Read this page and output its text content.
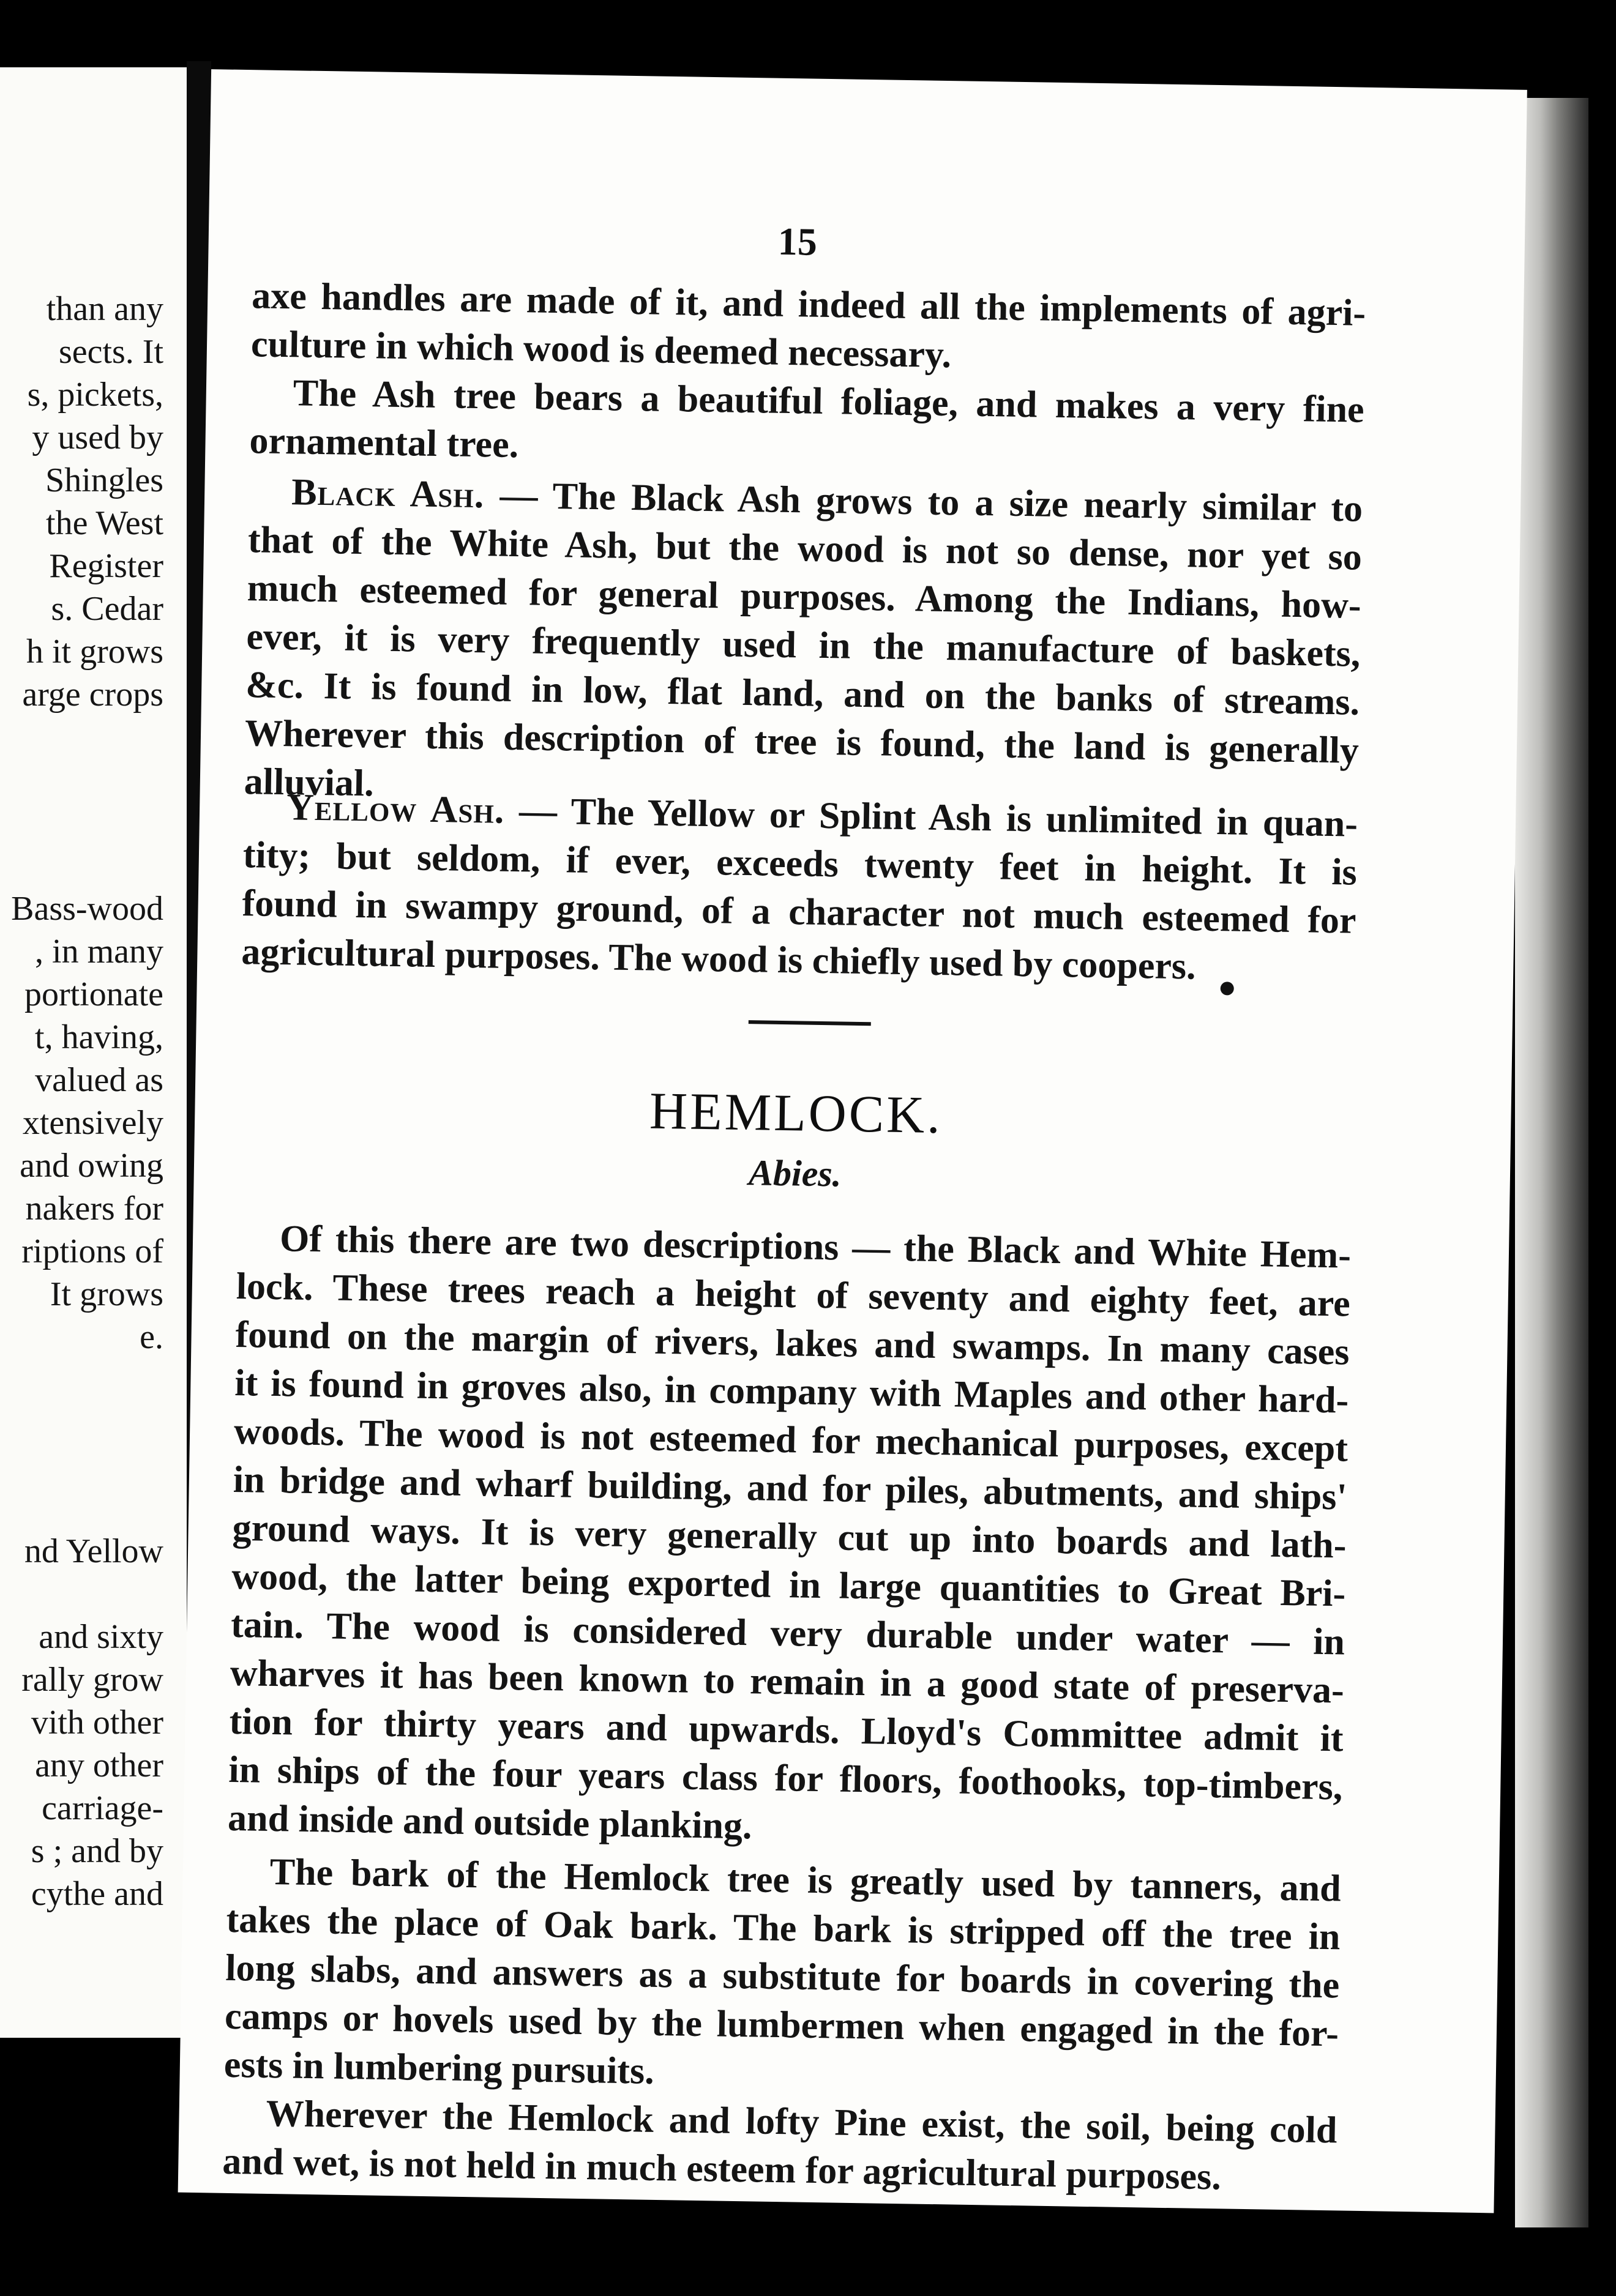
than any
sects. It
s, pickets,
y used by
Shingles
the West
Register
s. Cedar
h it grows
arge crops
Bass-wood
, in many
portionate
t, having,
valued as
xtensively
and owing
nakers for
riptions of
It grows
e.
nd Yellow
and sixty
rally grow
vith other
any other
carriage-
s ; and by
cythe and
15
axe handles are made of it, and indeed all the implements of agri-
culture in which wood is deemed necessary.
The Ash tree bears a beautiful foliage, and makes a very fine
ornamental tree.
Black Ash. — The Black Ash grows to a size nearly similar to
that of the White Ash, but the wood is not so dense, nor yet so
much esteemed for general purposes. Among the Indians, how-
ever, it is very frequently used in the manufacture of baskets,
&c. It is found in low, flat land, and on the banks of streams.
Wherever this description of tree is found, the land is generally
alluvial.
Yellow Ash. — The Yellow or Splint Ash is unlimited in quan-
tity; but seldom, if ever, exceeds twenty feet in height. It is
found in swampy ground, of a character not much esteemed for
agricultural purposes. The wood is chiefly used by coopers.
HEMLOCK.
Abies.
Of this there are two descriptions — the Black and White Hem-
lock. These trees reach a height of seventy and eighty feet, are
found on the margin of rivers, lakes and swamps. In many cases
it is found in groves also, in company with Maples and other hard-
woods. The wood is not esteemed for mechanical purposes, except
in bridge and wharf building, and for piles, abutments, and ships'
ground ways. It is very generally cut up into boards and lath-
wood, the latter being exported in large quantities to Great Bri-
tain. The wood is considered very durable under water — in
wharves it has been known to remain in a good state of preserva-
tion for thirty years and upwards. Lloyd's Committee admit it
in ships of the four years class for floors, foothooks, top-timbers,
and inside and outside planking.
The bark of the Hemlock tree is greatly used by tanners, and
takes the place of Oak bark. The bark is stripped off the tree in
long slabs, and answers as a substitute for boards in covering the
camps or hovels used by the lumbermen when engaged in the for-
ests in lumbering pursuits.
Wherever the Hemlock and lofty Pine exist, the soil, being cold
and wet, is not held in much esteem for agricultural purposes.
